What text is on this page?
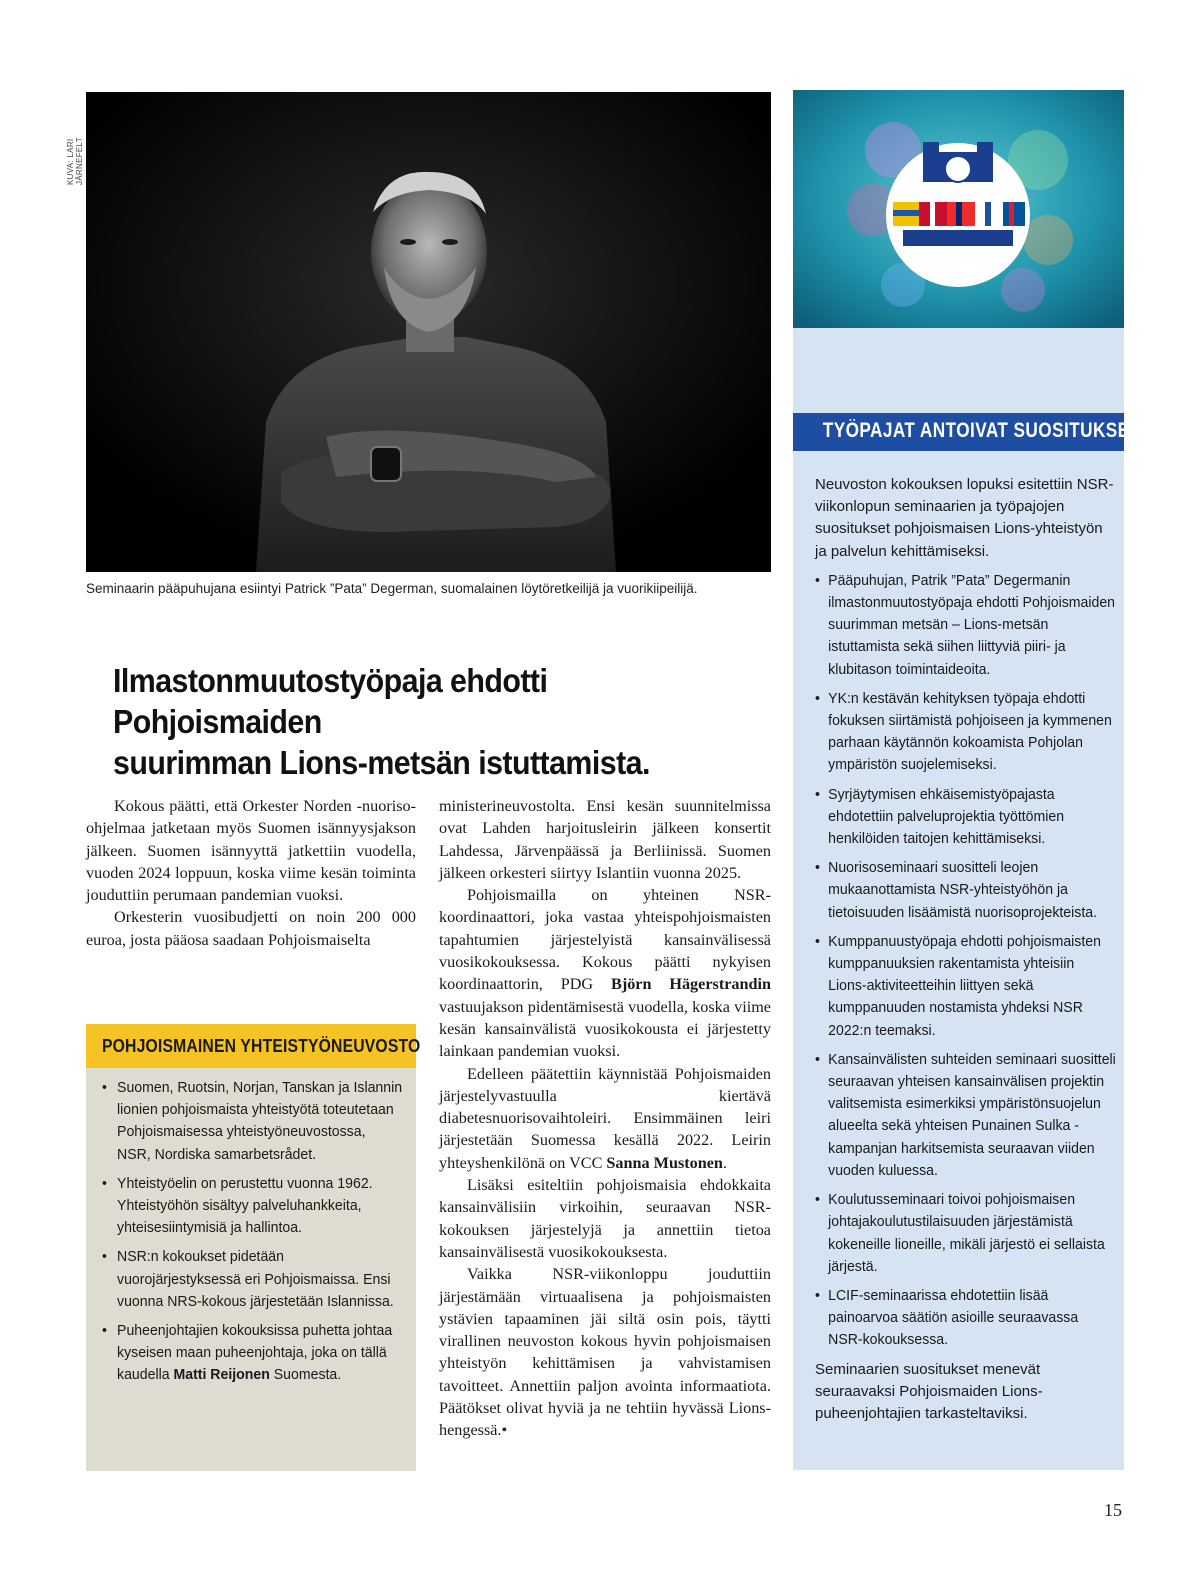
KUVA: LARI JÄRNEFELT
Seminaarin pääpuhujana esiintyi Patrick ”Pata” Degerman, suomalainen löytöretkeilijä ja vuorikiipeilijä.
Ilmastonmuutostyöpaja ehdotti Pohjoismaiden
suurimman Lions-metsän istuttamista.

Kokous päätti, että Orkester Norden -nuoriso-ohjelmaa jatketaan myös Suomen isännyysjakson jälkeen. Suomen isännyyttä jatkettiin vuodella, vuoden 2024 loppuun, koska viime kesän toiminta jouduttiin perumaan pandemian vuoksi.

Orkesterin vuosibudjetti on noin 200 000 euroa, josta pääosa saadaan Pohjoismaiselta

POHJOISMAINEN YHTEISTYÖNEUVOSTO
• Suomen, Ruotsin, Norjan, Tanskan ja Islannin lionien pohjoismaista yhteistyötä toteutetaan Pohjoismaisessa yhteistyöneuvostossa, NSR, Nordiska samarbetsrådet.
• Yhteistyöelin on perustettu vuonna 1962. Yhteistyöhön sisältyy palveluhankkeita, yhteisesiintymisiä ja hallintoa.
• NSR:n kokoukset pidetään vuorojärjestyksessä eri Pohjoismaissa. Ensi vuonna NRS-kokous järjestetään Islannissa.
• Puheenjohtajien kokouksissa puhetta johtaa kyseisen maan puheenjohtaja, joka on tällä kaudella Matti Reijonen Suomesta.

ministerineuvostolta. Ensi kesän suunnitelmissa ovat Lahden harjoitusleirin jälkeen konsertit Lahdessa, Järvenpäässä ja Berliinissä. Suomen jälkeen orkesteri siirtyy Islantiin vuonna 2025.

Pohjoismailla on yhteinen NSR-koordinaattori, joka vastaa yhteispohjoismaisten tapahtumien järjestelyistä kansainvälisessä vuosikokouksessa. Kokous päätti nykyisen koordinaattorin, PDG Björn Hägerstrandin vastuujakson pidentämisestä vuodella, koska viime kesän kansainvälistä vuosikokousta ei järjestetty lainkaan pandemian vuoksi.

Edelleen päätettiin käynnistää Pohjoismaiden järjestelyvastuulla kiertävä diabetesnuorisovaihtoleiri. Ensimmäinen leiri järjestetään Suomessa kesällä 2022. Leirin yhteyshenkilönä on VCC Sanna Mustonen.

Lisäksi esiteltiin pohjoismaisia ehdokkaita kansainvälisiin virkoihin, seuraavan NSR-kokouksen järjestelyjä ja annettiin tietoa kansainvälisestä vuosikokouksesta.

Vaikka NSR-viikonloppu jouduttiin järjestämään virtuaalisena ja pohjoismaisten ystävien tapaaminen jäi siltä osin pois, täytti virallinen neuvoston kokous hyvin pohjoismaisen yhteistyön kehittämisen ja vahvistamisen tavoitteet. Annettiin paljon avointa informaatiota. Päätökset olivat hyviä ja ne tehtiin hyvässä Lions-hengessä.•

TYÖPAJAT ANTOIVAT SUOSITUKSET

Neuvoston kokouksen lopuksi esitettiin NSR-viikonlopun seminaarien ja työpajojen suositukset pohjoismaisen Lions-yhteistyön ja palvelun kehittämiseksi.

• Pääpuhujan, Patrik ”Pata” Degermanin ilmastonmuutostyöpaja ehdotti Pohjoismaiden suurimman metsän – Lions-metsän istuttamista sekä siihen liittyviä piiri- ja klubitason toimintaideoita.
• YK:n kestävän kehityksen työpaja ehdotti fokuksen siirtämistä pohjoiseen ja kymmenen parhaan käytännön kokoamista Pohjolan ympäristön suojelemiseksi.
• Syrjäytymisen ehkäisemistyöpajasta ehdotettiin palveluprojektia työttömien henkilöiden taitojen kehittämiseksi.
• Nuorisoseminaari suositteli leojen mukaanottamista NSR-yhteistyöhön ja tietoisuuden lisäämistä nuorisoprojekteista.
• Kumppanuustyöpaja ehdotti pohjoismaisten kumppanuuksien rakentamista yhteisiin Lions-aktiviteetteihin liittyen sekä kumppanuuden nostamista yhdeksi NSR 2022:n teemaksi.
• Kansainvälisten suhteiden seminaari suositteli seuraavan yhteisen kansainvälisen projektin valitsemista esimerkiksi ympäristönsuojelun alueelta sekä yhteisen Punainen Sulka -kampanjan harkitsemista seuraavan viiden vuoden kuluessa.
• Koulutusseminaari toivoi pohjoismaisen johtajakoulutustilaisuuden järjestämistä kokeneille lioneille, mikäli järjestö ei sellaista järjestä.
• LCIF-seminaarissa ehdotettiin lisää painoarvoa säätiön asioille seuraavassa NSR-kokouksessa.

Seminaarien suositukset menevät seuraavaksi Pohjoismaiden Lions-puheenjohtajien tarkasteltaviksi.

15
